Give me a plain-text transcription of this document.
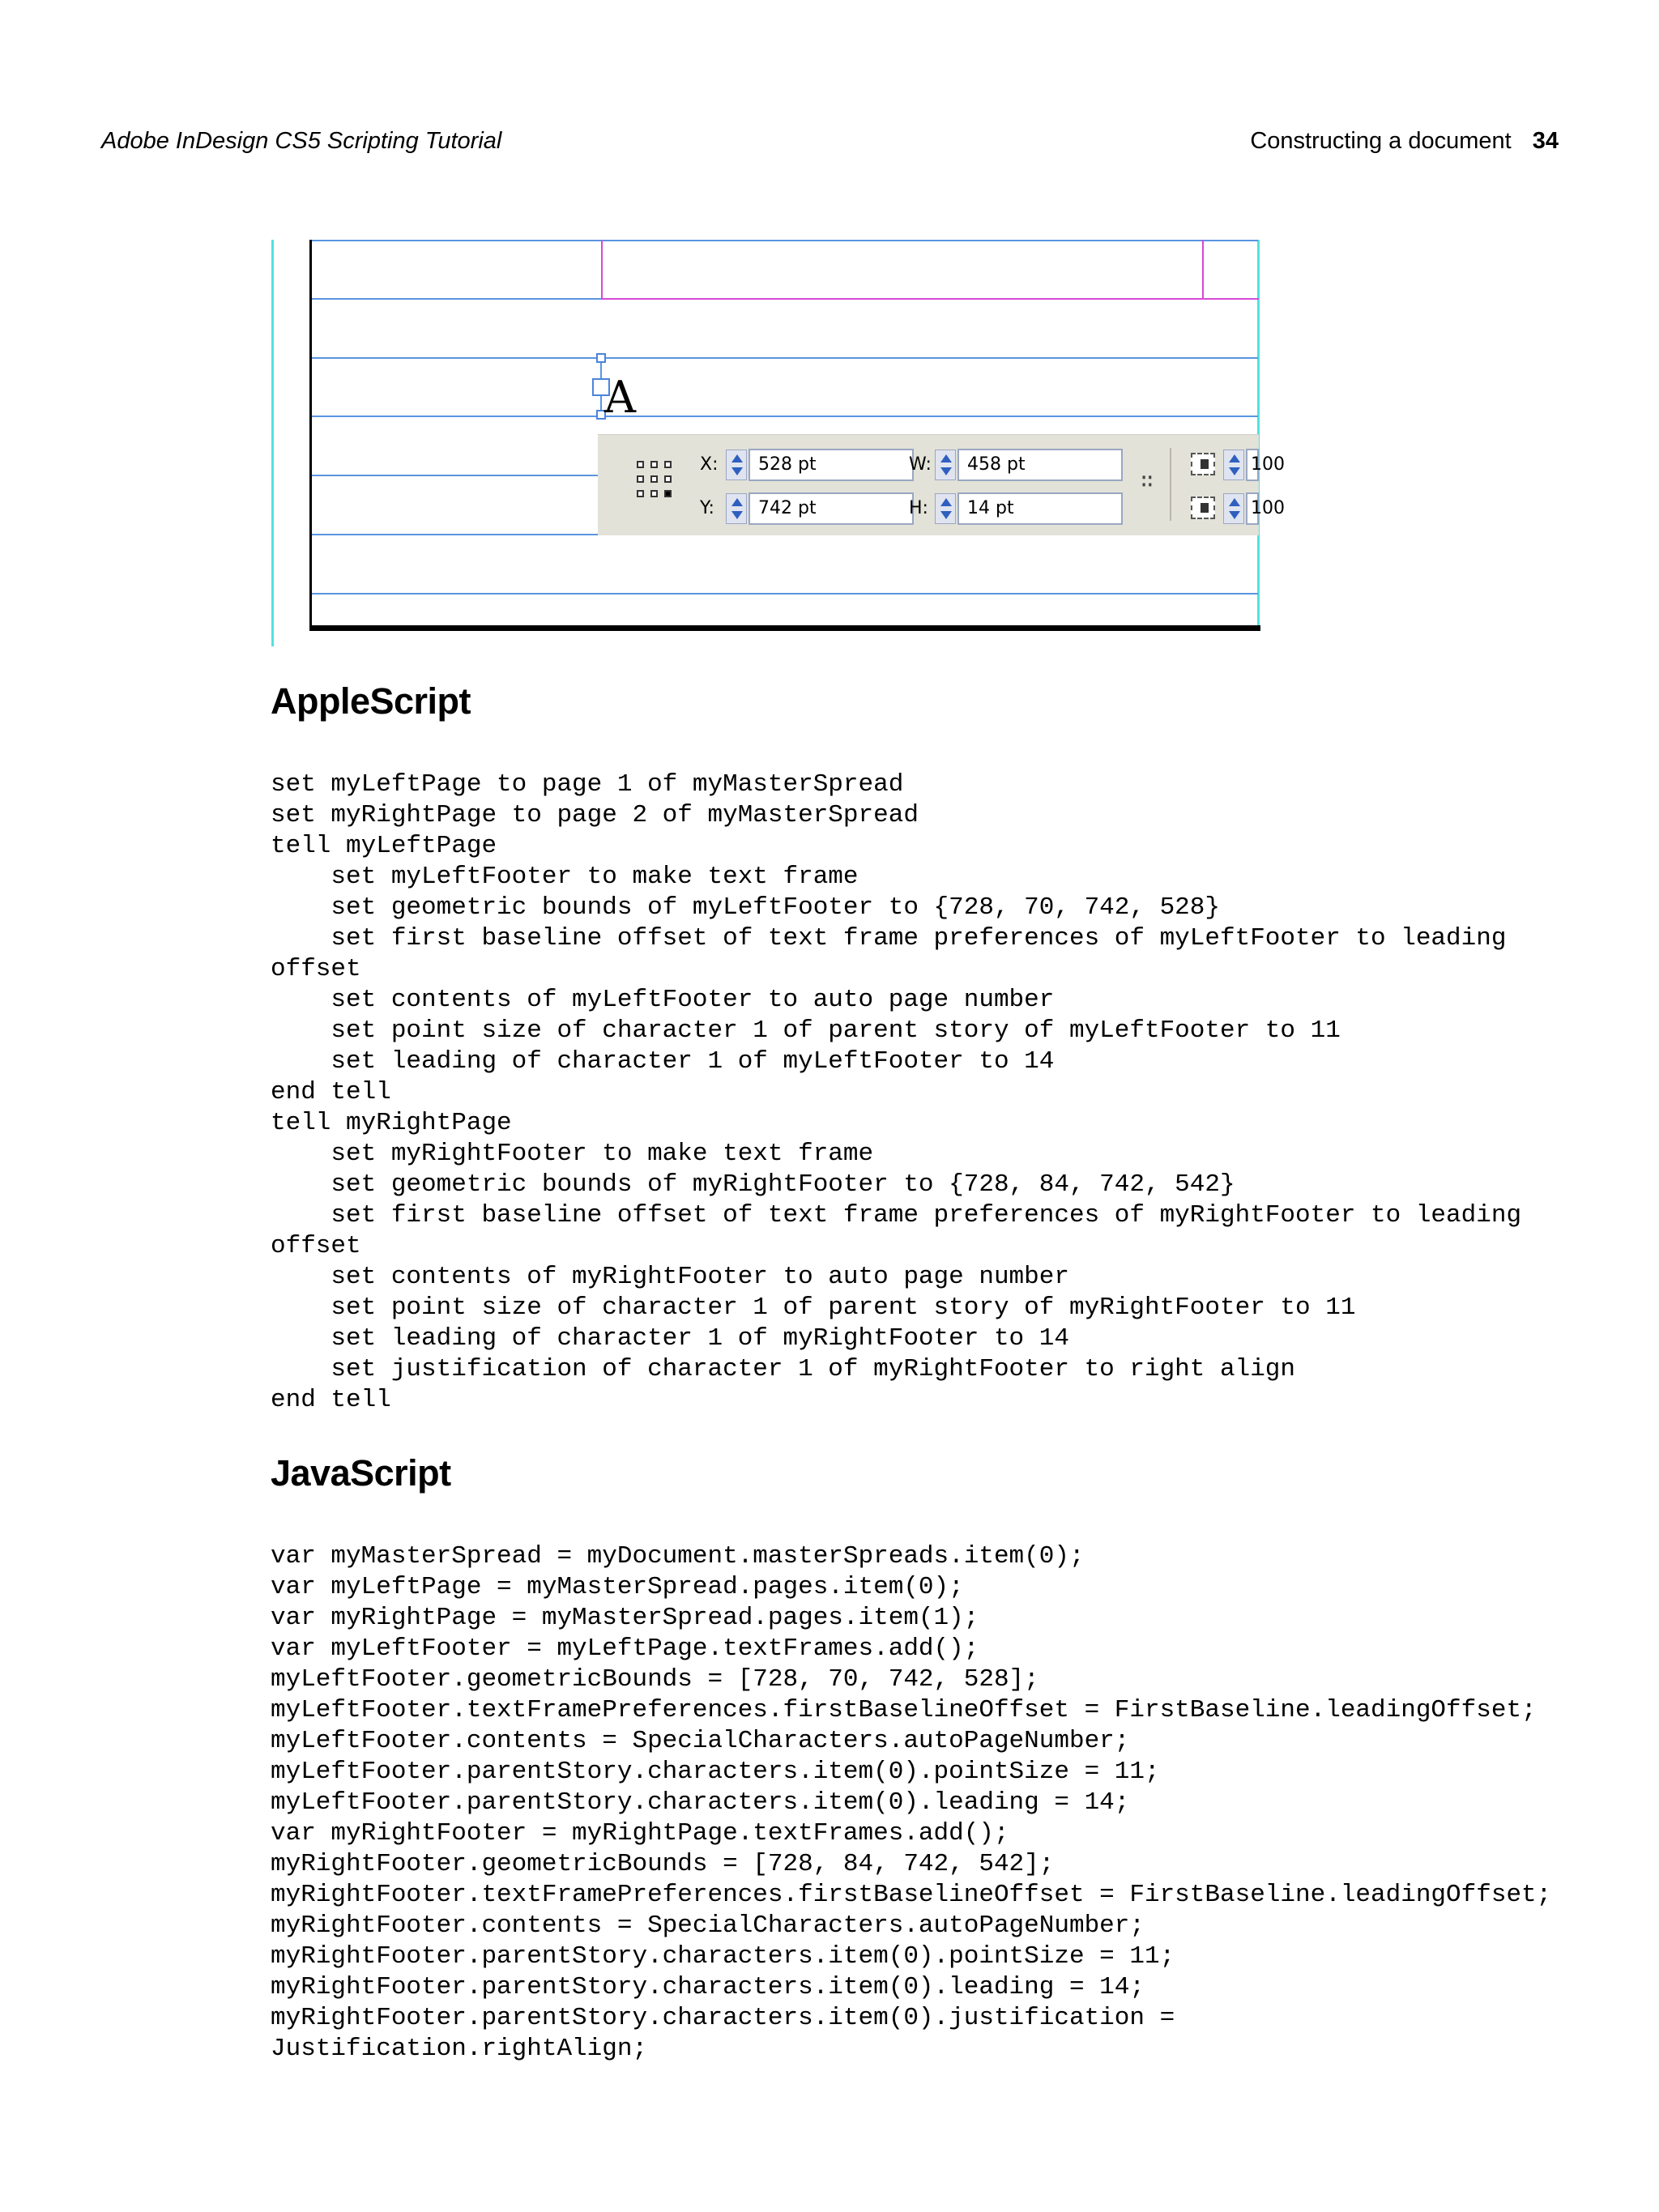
Adobe InDesign CS5 Scripting Tutorial	Constructing a document 34
A
X:	528 pt
Y:	742 pt
W:	458 pt
H:	14 pt
∷
100
100
AppleScript
set myLeftPage to page 1 of myMasterSpread
set myRightPage to page 2 of myMasterSpread
tell myLeftPage
set myLeftFooter to make text frame
set geometric bounds of myLeftFooter to {728, 70, 742, 528}
set first baseline offset of text frame preferences of myLeftFooter to leading
offset
set contents of myLeftFooter to auto page number
set point size of character 1 of parent story of myLeftFooter to 11
set leading of character 1 of myLeftFooter to 14
end tell
tell myRightPage
set myRightFooter to make text frame
set geometric bounds of myRightFooter to {728, 84, 742, 542}
set first baseline offset of text frame preferences of myRightFooter to leading
offset
set contents of myRightFooter to auto page number
set point size of character 1 of parent story of myRightFooter to 11
set leading of character 1 of myRightFooter to 14
set justification of character 1 of myRightFooter to right align
end tell
JavaScript
var myMasterSpread = myDocument.masterSpreads.item(0);
var myLeftPage = myMasterSpread.pages.item(0);
var myRightPage = myMasterSpread.pages.item(1);
var myLeftFooter = myLeftPage.textFrames.add();
myLeftFooter.geometricBounds = [728, 70, 742, 528];
myLeftFooter.textFramePreferences.firstBaselineOffset = FirstBaseline.leadingOffset;
myLeftFooter.contents = SpecialCharacters.autoPageNumber;
myLeftFooter.parentStory.characters.item(0).pointSize = 11;
myLeftFooter.parentStory.characters.item(0).leading = 14;
var myRightFooter = myRightPage.textFrames.add();
myRightFooter.geometricBounds = [728, 84, 742, 542];
myRightFooter.textFramePreferences.firstBaselineOffset = FirstBaseline.leadingOffset;
myRightFooter.contents = SpecialCharacters.autoPageNumber;
myRightFooter.parentStory.characters.item(0).pointSize = 11;
myRightFooter.parentStory.characters.item(0).leading = 14;
myRightFooter.parentStory.characters.item(0).justification =
Justification.rightAlign;
